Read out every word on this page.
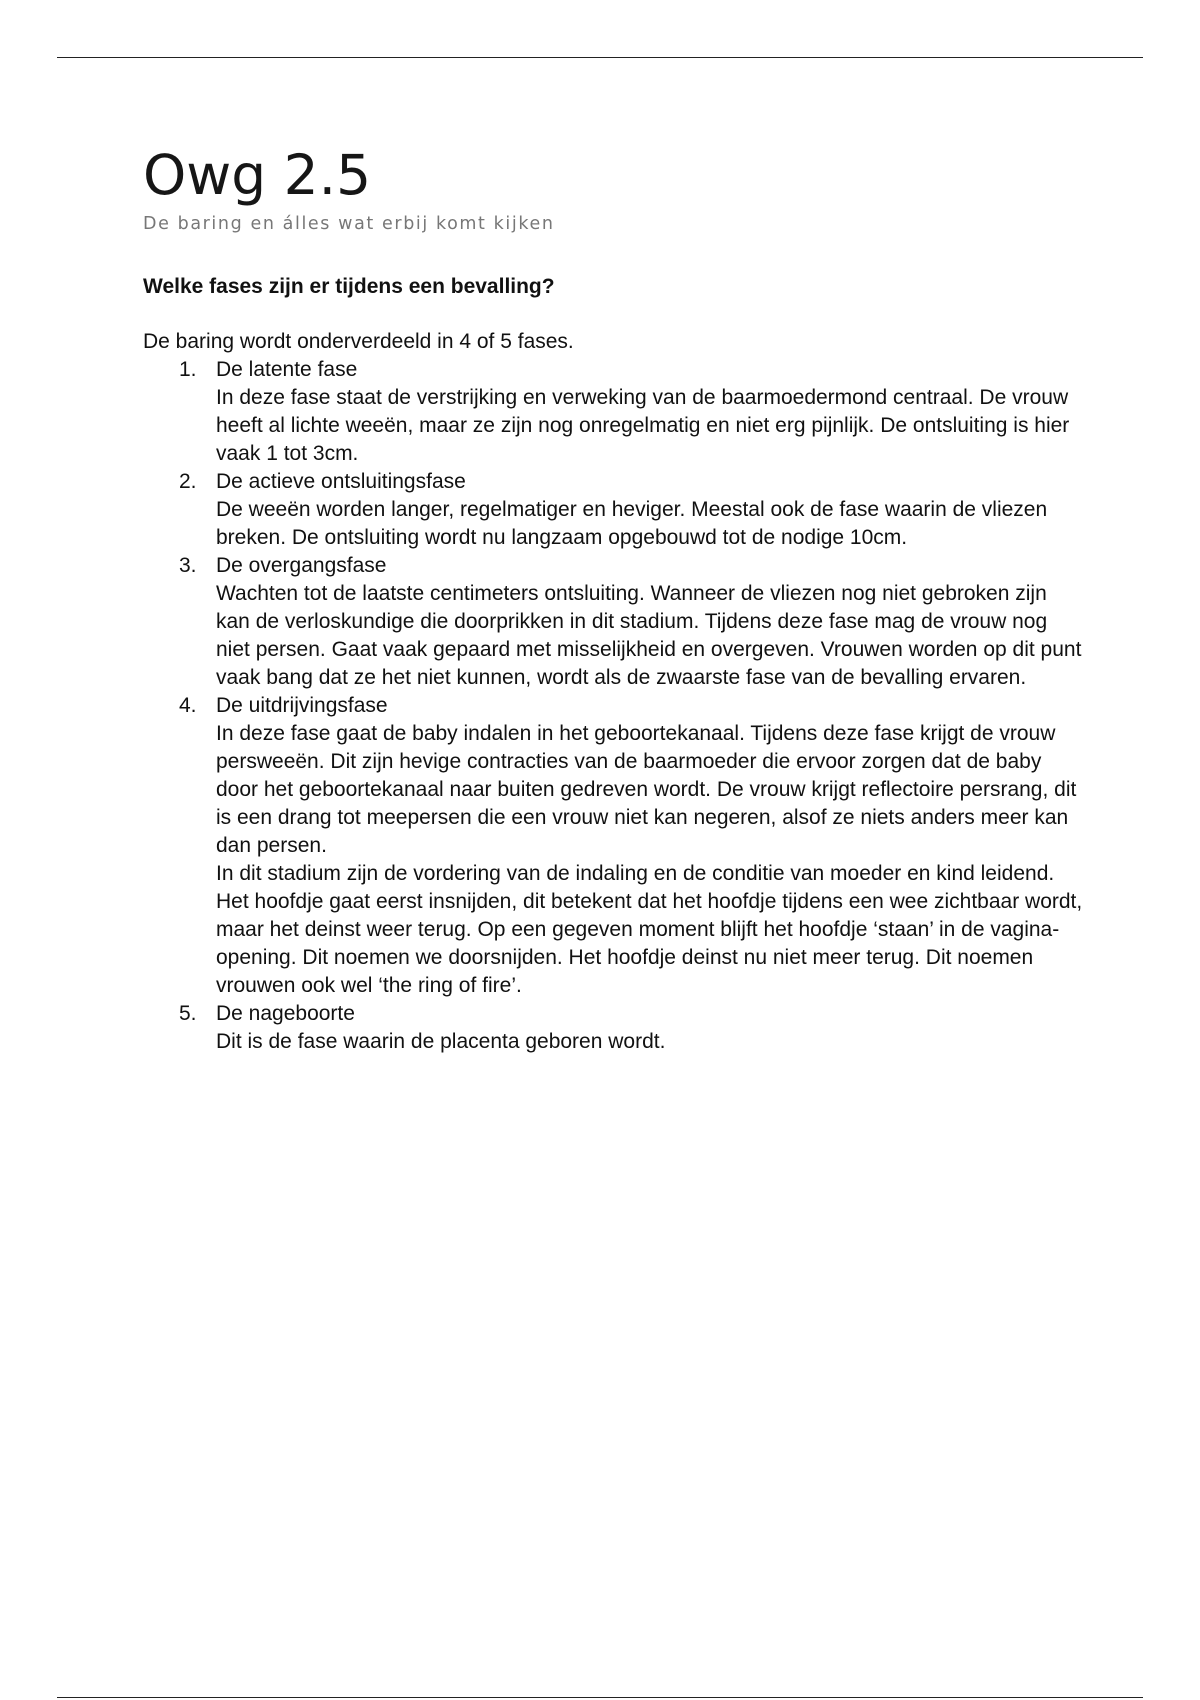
Owg 2.5

De baring en álles wat erbij komt kijken

Welke fases zijn er tijdens een bevalling?

De baring wordt onderverdeeld in 4 of 5 fases.

1. De latente fase

In deze fase staat de verstrijking en verweking van de baarmoedermond centraal. De vrouw heeft al lichte weeën, maar ze zijn nog onregelmatig en niet erg pijnlijk. De ontsluiting is hier vaak 1 tot 3cm.

2. De actieve ontsluitingsfase

De weeën worden langer, regelmatiger en heviger. Meestal ook de fase waarin de vliezen breken. De ontsluiting wordt nu langzaam opgebouwd tot de nodige 10cm.

3. De overgangsfase

Wachten tot de laatste centimeters ontsluiting. Wanneer de vliezen nog niet gebroken zijn kan de verloskundige die doorprikken in dit stadium. Tijdens deze fase mag de vrouw nog niet persen. Gaat vaak gepaard met misselijkheid en overgeven. Vrouwen worden op dit punt vaak bang dat ze het niet kunnen, wordt als de zwaarste fase van de bevalling ervaren.

4. De uitdrijvingsfase

In deze fase gaat de baby indalen in het geboortekanaal. Tijdens deze fase krijgt de vrouw persweeën. Dit zijn hevige contracties van de baarmoeder die ervoor zorgen dat de baby door het geboortekanaal naar buiten gedreven wordt. De vrouw krijgt reflectoire persrang, dit is een drang tot meepersen die een vrouw niet kan negeren, alsof ze niets anders meer kan dan persen.

In dit stadium zijn de vordering van de indaling en de conditie van moeder en kind leidend.

Het hoofdje gaat eerst insnijden, dit betekent dat het hoofdje tijdens een wee zichtbaar wordt, maar het deinst weer terug. Op een gegeven moment blijft het hoofdje ‘staan’ in de vagina-opening. Dit noemen we doorsnijden. Het hoofdje deinst nu niet meer terug. Dit noemen vrouwen ook wel ‘the ring of fire’.

5. De nageboorte

Dit is de fase waarin de placenta geboren wordt.
